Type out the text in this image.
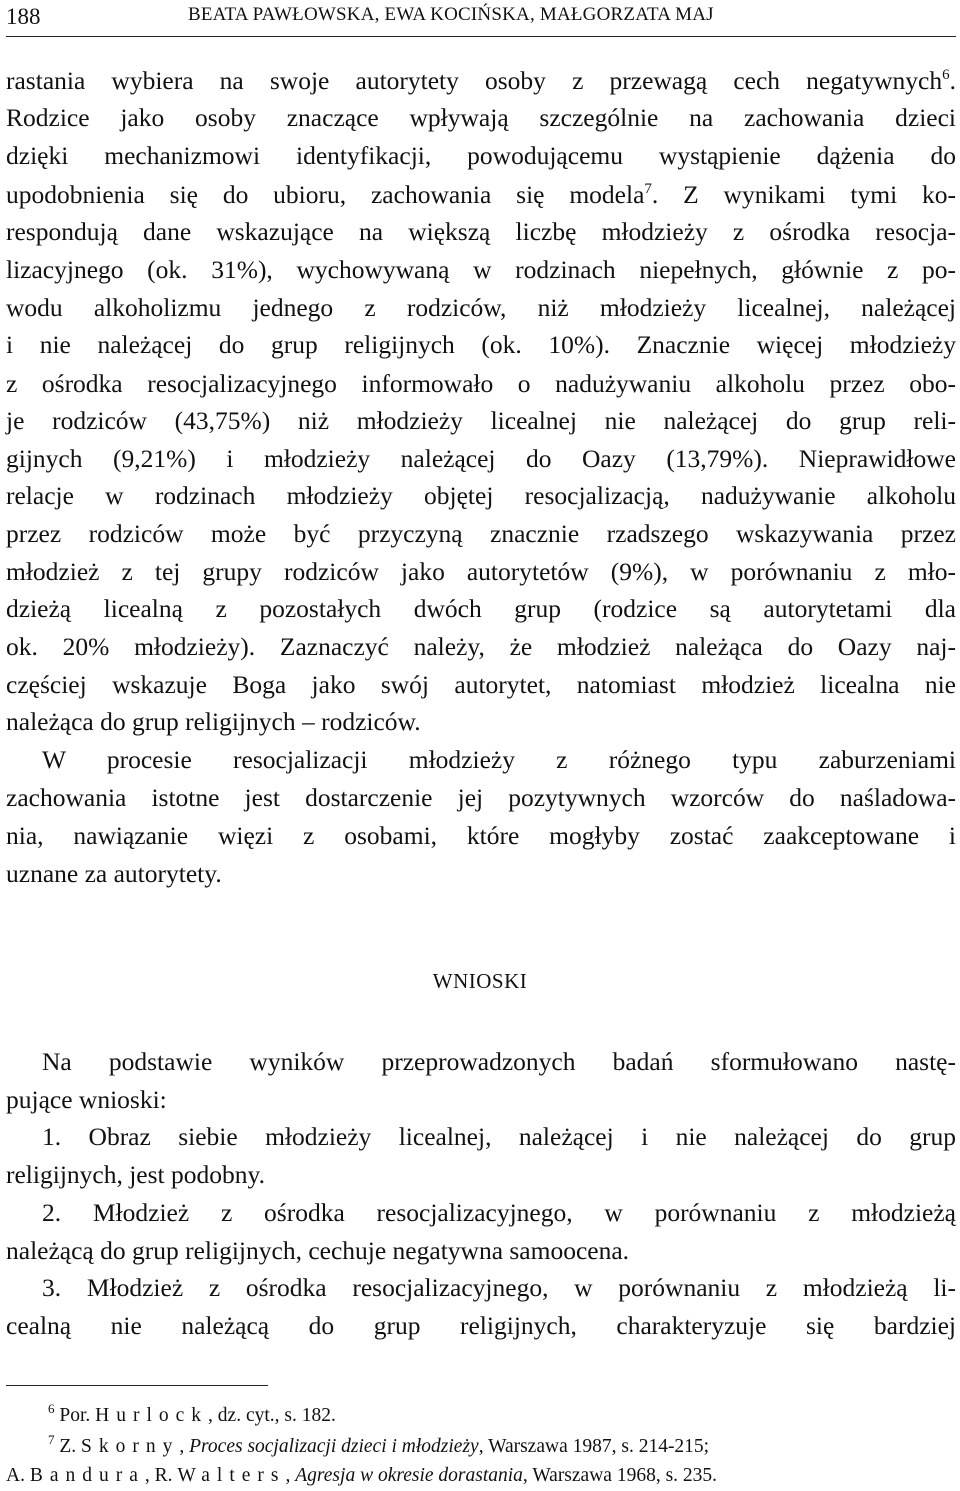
188	BEATA PAWŁOWSKA, EWA KOCIŃSKA, MAŁGORZATA MAJ
rastania wybiera na swoje autorytety osoby z przewagą cech negatywnych$^6$.
Rodzice jako osoby znaczące wpływają szczególnie na zachowania dzieci
dzięki mechanizmowi identyfikacji, powodującemu wystąpienie dążenia do
upodobnienia się do ubioru, zachowania się modela$^7$. Z wynikami tymi ko-
respondują dane wskazujące na większą liczbę młodzieży z ośrodka resocja-
lizacyjnego (ok. 31%), wychowywaną w rodzinach niepełnych, głównie z po-
wodu alkoholizmu jednego z rodziców, niż młodzieży licealnej, należącej
i nie należącej do grup religijnych (ok. 10%). Znacznie więcej młodzieży
z ośrodka resocjalizacyjnego informowało o nadużywaniu alkoholu przez obo-
je rodziców (43,75%) niż młodzieży licealnej nie należącej do grup reli-
gijnych (9,21%) i młodzieży należącej do Oazy (13,79%). Nieprawidłowe
relacje w rodzinach młodzieży objętej resocjalizacją, nadużywanie alkoholu
przez rodziców może być przyczyną znacznie rzadszego wskazywania przez
młodzież z tej grupy rodziców jako autorytetów (9%), w porównaniu z mło-
dzieżą licealną z pozostałych dwóch grup (rodzice są autorytetami dla
ok. 20% młodzieży). Zaznaczyć należy, że młodzież należąca do Oazy naj-
częściej wskazuje Boga jako swój autorytet, natomiast młodzież licealna nie
należąca do grup religijnych – rodziców.
W procesie resocjalizacji młodzieży z różnego typu zaburzeniami
zachowania istotne jest dostarczenie jej pozytywnych wzorców do naśladowa-
nia, nawiązanie więzi z osobami, które mogłyby zostać zaakceptowane i
uznane za autorytety.
WNIOSKI
Na podstawie wyników przeprowadzonych badań sformułowano nastę-
pujące wnioski:
1. Obraz siebie młodzieży licealnej, należącej i nie należącej do grup
religijnych, jest podobny.
2. Młodzież z ośrodka resocjalizacyjnego, w porównaniu z młodzieżą
należącą do grup religijnych, cechuje negatywna samoocena.
3. Młodzież z ośrodka resocjalizacyjnego, w porównaniu z młodzieżą li-
cealną nie należącą do grup religijnych, charakteryzuje się bardziej
$^6$ Por. Hurlock, dz. cyt., s. 182.
$^7$ Z. Skorny, Proces socjalizacji dzieci i młodzieży, Warszawa 1987, s. 214-215;
A. Bandura, R. Walters, Agresja w okresie dorastania, Warszawa 1968, s. 235.
